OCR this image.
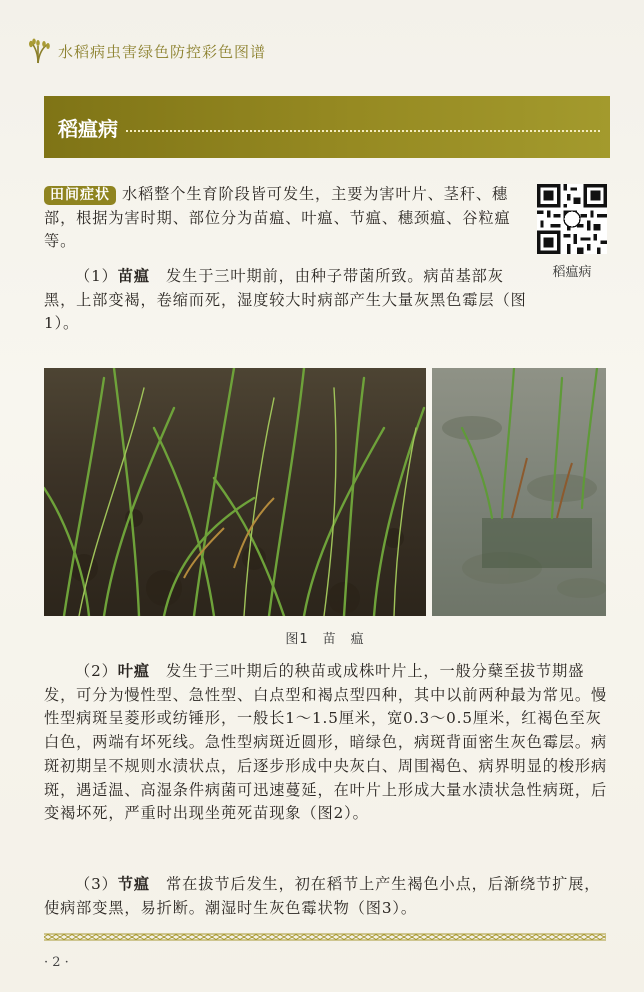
水稻病虫害绿色防控彩色图谱
稻瘟病
田间症状 水稻整个生育阶段皆可发生，主要为害叶片、茎秆、穗部，根据为害时期、部位分为苗瘟、叶瘟、节瘟、穗颈瘟、谷粒瘟等。
稻瘟病
（1）苗瘟　发生于三叶期前，由种子带菌所致。病苗基部灰黑，上部变褐，卷缩而死，湿度较大时病部产生大量灰黑色霉层（图1）。
图1　苗　瘟
（2）叶瘟　发生于三叶期后的秧苗或成株叶片上，一般分蘖至拔节期盛发，可分为慢性型、急性型、白点型和褐点型四种，其中以前两种最为常见。慢性型病斑呈菱形或纺锤形，一般长1～1.5厘米，宽0.3～0.5厘米，红褐色至灰白色，两端有坏死线。急性型病斑近圆形，暗绿色，病斑背面密生灰色霉层。病斑初期呈不规则水渍状点，后逐步形成中央灰白、周围褐色、病界明显的梭形病斑，遇适温、高湿条件病菌可迅速蔓延，在叶片上形成大量水渍状急性病斑，后变褐坏死，严重时出现坐蔸死苗现象（图2）。
（3）节瘟　常在拔节后发生，初在稻节上产生褐色小点，后渐绕节扩展，使病部变黑，易折断。潮湿时生灰色霉状物（图3）。
· 2 ·
